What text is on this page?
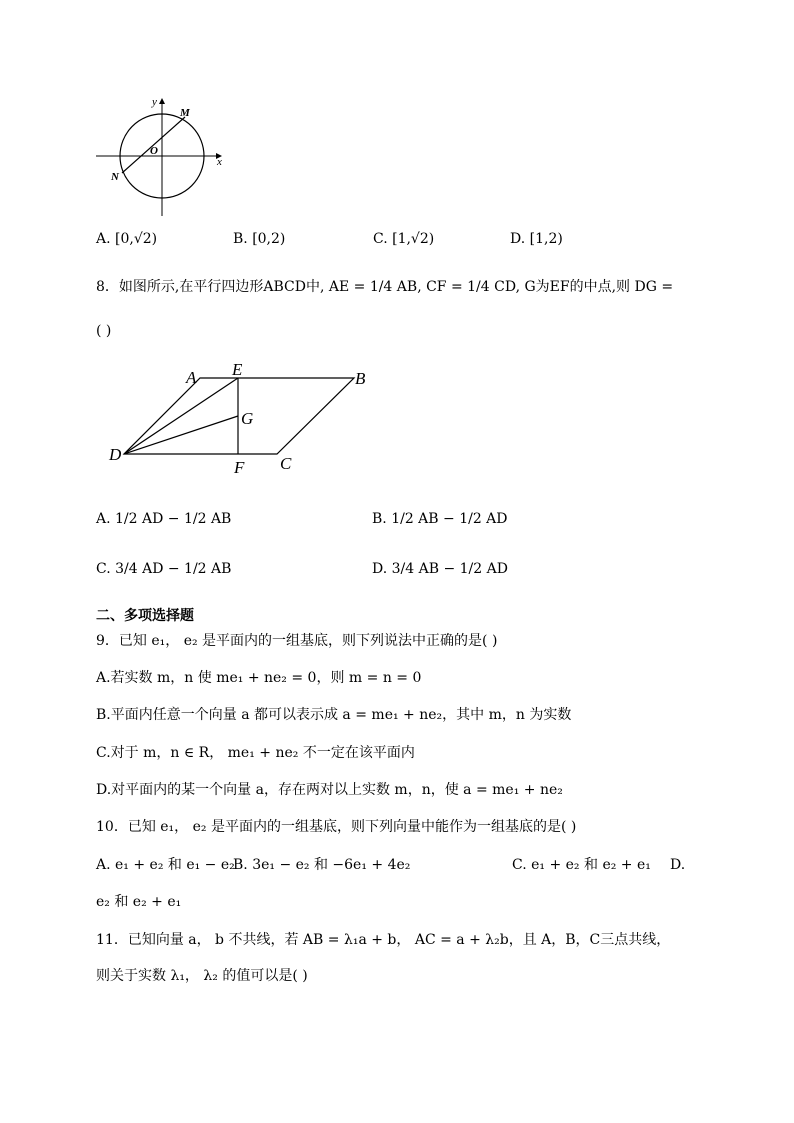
y
x
O
M
N
A. [0,√2)	B. [0,2)	C. [1,√2)	D. [1,2)
8．如图所示,在平行四边形ABCD中, AE = 1/4 AB, CF = 1/4 CD, G为EF的中点,则 DG =
( )
A E	B
G
D
F C
A. 1/2 AD − 1/2 AB	B. 1/2 AB − 1/2 AD
C. 3/4 AD − 1/2 AB	D. 3/4 AB − 1/2 AD
二、多项选择题
9．已知 e₁， e₂ 是平面内的一组基底，则下列说法中正确的是( )
A.若实数 m，n 使 me₁ + ne₂ = 0，则 m = n = 0
B.平面内任意一个向量 a 都可以表示成 a = me₁ + ne₂，其中 m，n 为实数
C.对于 m，n ∈ R， me₁ + ne₂ 不一定在该平面内
D.对平面内的某一个向量 a，存在两对以上实数 m，n，使 a = me₁ + ne₂
10．已知 e₁， e₂ 是平面内的一组基底，则下列向量中能作为一组基底的是( )
A. e₁ + e₂ 和 e₁ − e₂
B. 3e₁ − e₂ 和 −6e₁ + 4e₂	C. e₁ + e₂ 和 e₂ + e₁ D.
e₂ 和 e₂ + e₁
11．已知向量 a， b 不共线，若 AB = λ₁a + b， AC = a + λ₂b，且 A，B，C三点共线，
则关于实数 λ₁， λ₂ 的值可以是( )
